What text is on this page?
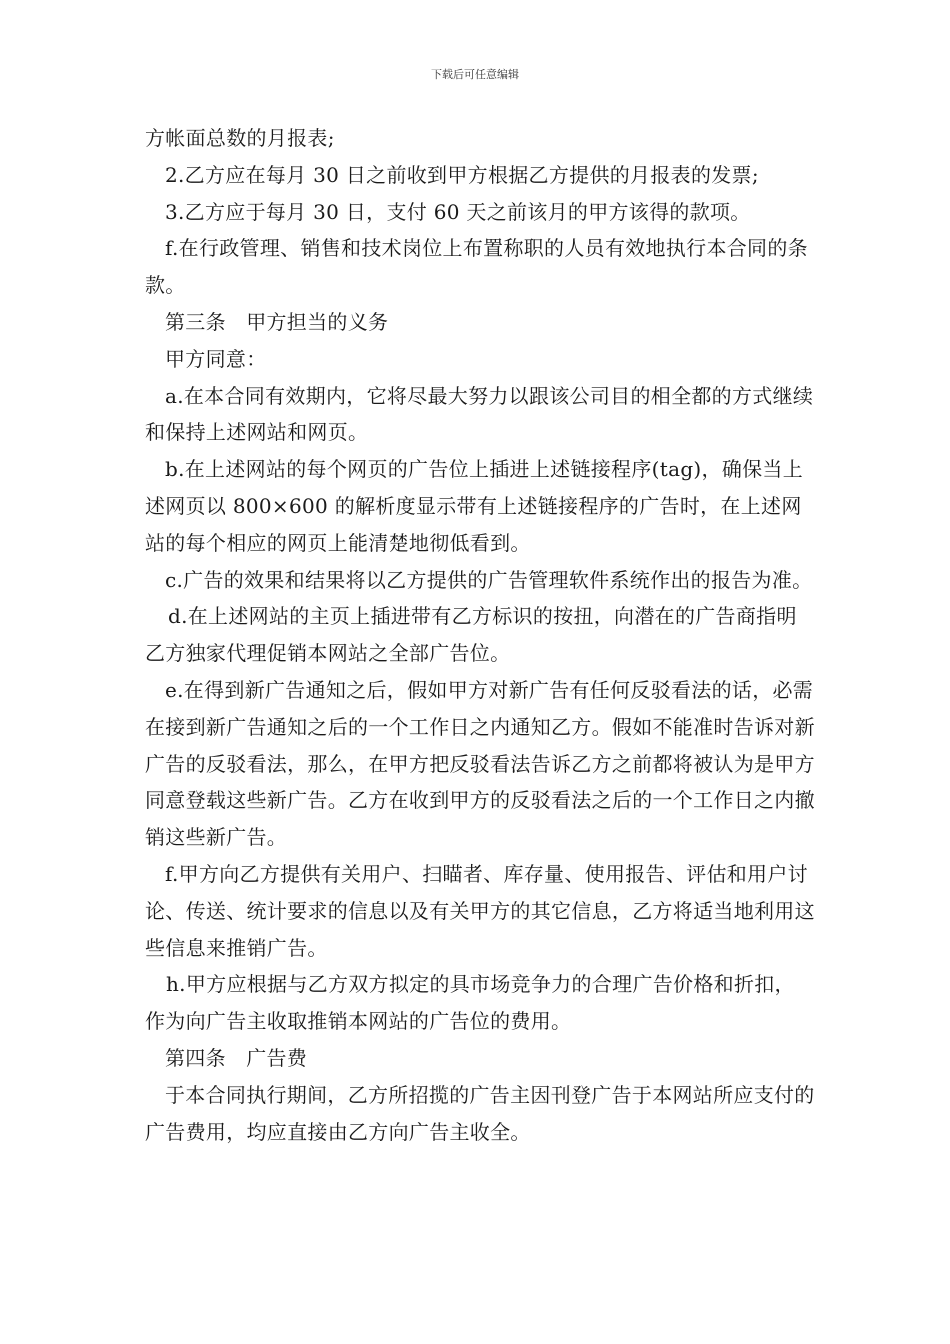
下载后可任意编辑

方帐面总数的月报表;

2.乙方应在每月 30 日之前收到甲方根据乙方提供的月报表的发票;

3.乙方应于每月 30 日，支付 60 天之前该月的甲方该得的款项。

f.在行政管理、销售和技术岗位上布置称职的人员有效地执行本合同的条款。

第三条　甲方担当的义务

甲方同意：

a.在本合同有效期内，它将尽最大努力以跟该公司目的相全都的方式继续和保持上述网站和网页。

b.在上述网站的每个网页的广告位上插进上述链接程序(tag)，确保当上述网页以 800×600 的解析度显示带有上述链接程序的广告时，在上述网站的每个相应的网页上能清楚地彻低看到。

c.广告的效果和结果将以乙方提供的广告管理软件系统作出的报告为准。

d.在上述网站的主页上插进带有乙方标识的按扭，向潜在的广告商指明乙方独家代理促销本网站之全部广告位。

e.在得到新广告通知之后，假如甲方对新广告有任何反驳看法的话，必需在接到新广告通知之后的一个工作日之内通知乙方。假如不能准时告诉对新广告的反驳看法，那么，在甲方把反驳看法告诉乙方之前都将被认为是甲方同意登载这些新广告。乙方在收到甲方的反驳看法之后的一个工作日之内撤销这些新广告。

f.甲方向乙方提供有关用户、扫瞄者、库存量、使用报告、评估和用户讨论、传送、统计要求的信息以及有关甲方的其它信息，乙方将适当地利用这些信息来推销广告。

h.甲方应根据与乙方双方拟定的具市场竞争力的合理广告价格和折扣，作为向广告主收取推销本网站的广告位的费用。

第四条　广告费

于本合同执行期间，乙方所招揽的广告主因刊登广告于本网站所应支付的广告费用，均应直接由乙方向广告主收全。
